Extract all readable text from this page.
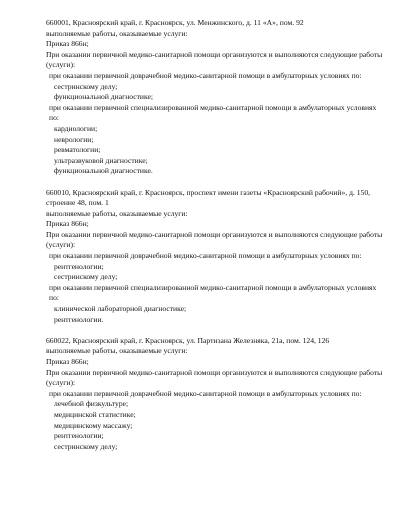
660001, Красноярский край, г. Красноярск, ул. Менжинского, д. 11 «А», пом. 92
выполняемые работы, оказываемые услуги:
Приказ 866н;
При оказании первичной медико-санитарной помощи организуются и выполняются следующие работы (услуги):
при оказании первичной доврачебной медико-санитарной помощи в амбулаторных условиях по:
сестринскому делу;
функциональной диагностике;
при оказании первичной специализированной медико-санитарной помощи в амбулаторных условиях по:
кардиологии;
неврологии;
ревматологии;
ультразвуковой диагностике;
функциональной диагностике.
660010, Красноярский край, г. Красноярск, проспект имени газеты «Красноярский рабочий», д. 150, строение 48, пом. 1
выполняемые работы, оказываемые услуги:
Приказ 866н;
При оказании первичной медико-санитарной помощи организуются и выполняются следующие работы (услуги):
при оказании первичной доврачебной медико-санитарной помощи в амбулаторных условиях по:
рентгенологии;
сестринскому делу;
при оказании первичной специализированной медико-санитарной помощи в амбулаторных условиях по:
клинической лабораторной диагностике;
рентгенологии.
660022, Красноярский край, г. Красноярск, ул. Партизана Железняка, 21а, пом. 124, 126
выполняемые работы, оказываемые услуги:
Приказ 866н;
При оказании первичной медико-санитарной помощи организуются и выполняются следующие работы (услуги):
при оказании первичной доврачебной медико-санитарной помощи в амбулаторных условиях по:
лечебной физкультуре;
медицинской статистике;
медицинскому массажу;
рентгенологии;
сестринскому делу;
